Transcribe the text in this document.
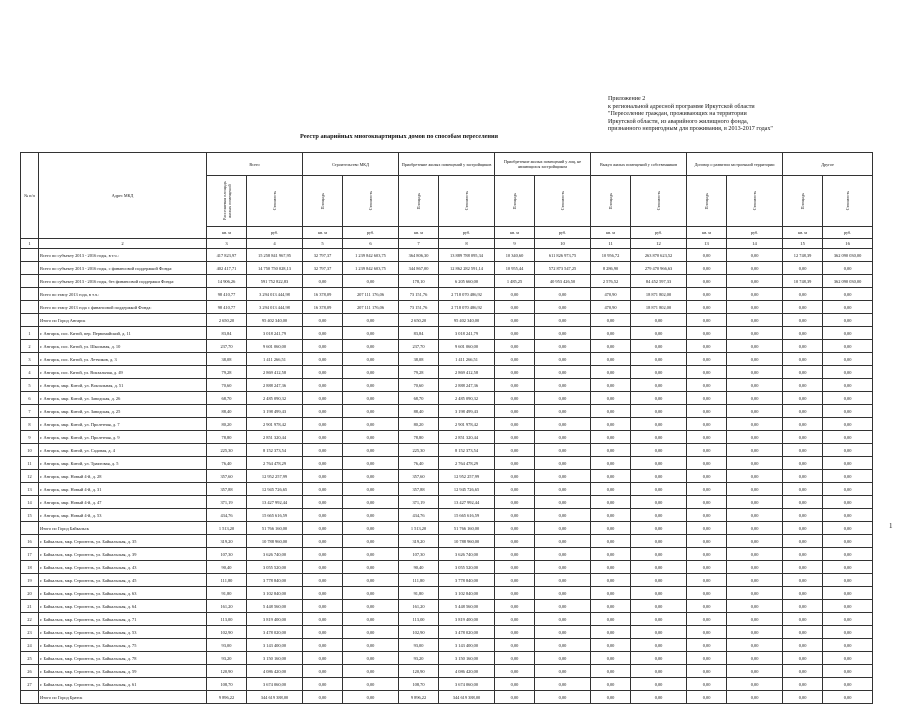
Приложение 2
к региональной адресной программе Иркутской области
"Переселение граждан, проживающих на территории
Иркутской области, из аварийного жилищного фонда,
признанного непригодным для проживания, в 2013-2017 годах"
Реестр аварийных многоквартирных домов по способам переселения
№ п/п	Адрес МКД	Всего		Строительство МКД		Приобретение жилых помещений у застройщиков		Приобретение жилых помещений у лиц, не являющихся застройщиком		Выкуп жилых помещений у собственников		Договор о развитии застроенной территории		Другое	

		Расселяемая площадь жилых помещений	Стоимость	Площадь	Стоимость	Площадь	Стоимость	Площадь	Стоимость	Площадь	Стоимость	Площадь	Стоимость	Площадь	Стоимость

		кв. м	руб.	кв. м	руб.	кв. м	руб.	кв. м	руб.	кв. м	руб.	кв. м	руб.	кв. м	руб.
1	2	3	4	5	6	7	8	9	10	11	12	13	14	15	16
	Всего по субъекту 2013 - 2016 годы, в т.ч.:	417 823,97	15 258 841 967,95	32 797,37	1 239 842 603,75	364 806,30	13 889 788 095,34	10 340,60	611 826 973,75	10 956,72	263 870 623,52	0,00	0,00	12 748,39	362 090 030,00
	Всего по субъекту 2013 - 2016 годы, с финансовой поддержкой Фонда:	402 417,71	14 750 750 028,13	32 797,37	1 239 842 603,75	344 867,00	12 862 282 591,14	10 955,44	572 873 547,25	8 286,90	279 470 966,63	0,00	0,00	0,00	0,00
	Всего по субъекту 2013 - 2016 годы, без финансовой поддержки Фонда:	14 906,26	591 752 822,83	0,00	0,00	178,10	6 205 660,00	1 485,25	40 953 426,50	2 576,52	84 452 597,33	0,00	0,00	10 748,39	362 090 030,00
	Всего по этапу 2013 года, в т.ч.:	98 410,77	3 294 013 444,98	16 378,09	207 111 176,06	73 151,76	2 718 070 486,92	0,00	0,00	470,90	18 871 802,00	0,00	0,00	0,00	0,00
	Всего по этапу 2013 года с финансовой поддержкой Фонда:	98 410,77	3 294 013 444,98	16 378,09	207 111 176,06	73 151,76	2 718 070 486,92	0,00	0,00	470,90	18 871 802,00	0,00	0,00	0,00	0,00
	Итого по Город Ангарск	2 650,20	95 402 340,00	0,00	0,00	2 650,20	95 402 340,00	0,00	0,00	0,00	0,00	0,00	0,00	0,00	0,00
1	г. Ангарск, пос. Китой, пер. Первомайский, д. 11	83,84	3 018 241,79	0,00	0,00	83,84	3 018 241,79	0,00	0,00	0,00	0,00	0,00	0,00	0,00	0,00
2	г. Ангарск, пос. Китой, ул. Школьная, д. 10	237,70	9 601 060,00	0,00	0,00	237,70	9 601 060,00	0,00	0,00	0,00	0,00	0,00	0,00	0,00	0,00
3	г. Ангарск, пос. Китой, ул. Летчиков, д. 3	38,08	1 411 266,51	0,00	0,00	38,08	1 411 266,51	0,00	0,00	0,00	0,00	0,00	0,00	0,00	0,00
4	г. Ангарск, пос. Китой, ул. Вокзальная, д. 49	79,28	2 869 412,58	0,00	0,00	79,28	2 869 412,58	0,00	0,00	0,00	0,00	0,00	0,00	0,00	0,00
5	г. Ангарск, мкр. Китой, ул. Вокзальная, д. 51	70,60	2 888 247,36	0,00	0,00	70,60	2 888 247,36	0,00	0,00	0,00	0,00	0,00	0,00	0,00	0,00
6	г. Ангарск, мкр. Китой, ул. Заводская, д. 26	68,70	2 485 090,32	0,00	0,00	68,70	2 485 090,32	0,00	0,00	0,00	0,00	0,00	0,00	0,00	0,00
7	г. Ангарск, мкр. Китой, ул. Заводская, д. 25	88,40	3 198 499,43	0,00	0,00	88,40	3 198 499,43	0,00	0,00	0,00	0,00	0,00	0,00	0,00	0,00
8	г. Ангарск, мкр. Китой, ул. Пролетная, д. 7	80,20	2 901 978,42	0,00	0,00	80,20	2 901 978,42	0,00	0,00	0,00	0,00	0,00	0,00	0,00	0,00
9	г. Ангарск, мкр. Китой, ул. Пролетная, д. 9	78,80	2 851 320,44	0,00	0,00	78,80	2 851 320,44	0,00	0,00	0,00	0,00	0,00	0,00	0,00	0,00
10	г. Ангарск, мкр. Китой, ул. Садовая, д. 4	225,30	8 152 373,54	0,00	0,00	225,30	8 152 373,54	0,00	0,00	0,00	0,00	0,00	0,00	0,00	0,00
11	г. Ангарск, мкр. Китой, ул. Трактовая, д. 5	76,40	2 764 478,29	0,00	0,00	76,40	2 764 478,29	0,00	0,00	0,00	0,00	0,00	0,00	0,00	0,00
12	г. Ангарск, мкр. Новый 4-й, д. 28	357,60	12 952 257,99	0,00	0,00	357,60	12 952 257,99	0,00	0,00	0,00	0,00	0,00	0,00	0,00	0,00
13	г. Ангарск, мкр. Новый 4-й, д. 31	357,88	12 945 726,65	0,00	0,00	357,88	12 945 726,65	0,00	0,00	0,00	0,00	0,00	0,00	0,00	0,00
14	г. Ангарск, мкр. Новый 4-й, д. 47	371,19	13 427 992,44	0,00	0,00	371,19	13 427 992,44	0,00	0,00	0,00	0,00	0,00	0,00	0,00	0,00
15	г. Ангарск, мкр. Новый 4-й, д. 53	434,76	15 665 616,59	0,00	0,00	434,76	15 665 616,59	0,00	0,00	0,00	0,00	0,00	0,00	0,00	0,00
	Итого по Город Байкальск	1 513,20	51 766 160,00	0,00	0,00	1 513,20	51 766 160,00	0,00	0,00	0,00	0,00	0,00	0,00	0,00	0,00
16	г. Байкальск, мкр. Строитель, ул. Байкальская, д. 35	319,20	10 788 960,00	0,00	0,00	319,20	10 788 960,00	0,00	0,00	0,00	0,00	0,00	0,00	0,00	0,00
17	г. Байкальск, мкр. Строитель, ул. Байкальская, д. 39	107,30	3 626 740,00	0,00	0,00	107,30	3 626 740,00	0,00	0,00	0,00	0,00	0,00	0,00	0,00	0,00
18	г. Байкальск, мкр. Строитель, ул. Байкальская, д. 43	90,40	3 055 520,00	0,00	0,00	90,40	3 055 520,00	0,00	0,00	0,00	0,00	0,00	0,00	0,00	0,00
19	г. Байкальск, мкр. Строитель, ул. Байкальская, д. 45	111,80	3 778 840,00	0,00	0,00	111,80	3 778 840,00	0,00	0,00	0,00	0,00	0,00	0,00	0,00	0,00
20	г. Байкальск, мкр. Строитель, ул. Байкальская, д. 63	91,80	3 102 840,00	0,00	0,00	91,80	3 102 840,00	0,00	0,00	0,00	0,00	0,00	0,00	0,00	0,00
21	г. Байкальск, мкр. Строитель, ул. Байкальская, д. 64	161,20	5 448 560,00	0,00	0,00	161,20	5 448 560,00	0,00	0,00	0,00	0,00	0,00	0,00	0,00	0,00
22	г. Байкальск, мкр. Строитель, ул. Байкальская, д. 71	113,00	3 819 400,00	0,00	0,00	113,00	3 819 400,00	0,00	0,00	0,00	0,00	0,00	0,00	0,00	0,00
23	г. Байкальск, мкр. Строитель, ул. Байкальская, д. 53	102,90	3 478 020,00	0,00	0,00	102,90	3 478 020,00	0,00	0,00	0,00	0,00	0,00	0,00	0,00	0,00
24	г. Байкальск, мкр. Строитель, ул. Байкальская, д. 75	93,00	3 143 400,00	0,00	0,00	93,00	3 143 400,00	0,00	0,00	0,00	0,00	0,00	0,00	0,00	0,00
25	г. Байкальск, мкр. Строитель, ул. Байкальская, д. 78	93,20	3 150 160,00	0,00	0,00	93,20	3 150 160,00	0,00	0,00	0,00	0,00	0,00	0,00	0,00	0,00
26	г. Байкальск, мкр. Строитель, ул. Байкальская, д. 59	120,90	4 086 420,00	0,00	0,00	120,90	4 086 420,00	0,00	0,00	0,00	0,00	0,00	0,00	0,00	0,00
27	г. Байкальск, мкр. Строитель, ул. Байкальская, д. 61	108,70	3 674 060,00	0,00	0,00	108,70	3 674 060,00	0,00	0,00	0,00	0,00	0,00	0,00	0,00	0,00
	Итого по Город Братск	9 896,22	344 619 388,00	0,00	0,00	9 896,22	344 619 388,00	0,00	0,00	0,00	0,00	0,00	0,00	0,00	0,00
1
